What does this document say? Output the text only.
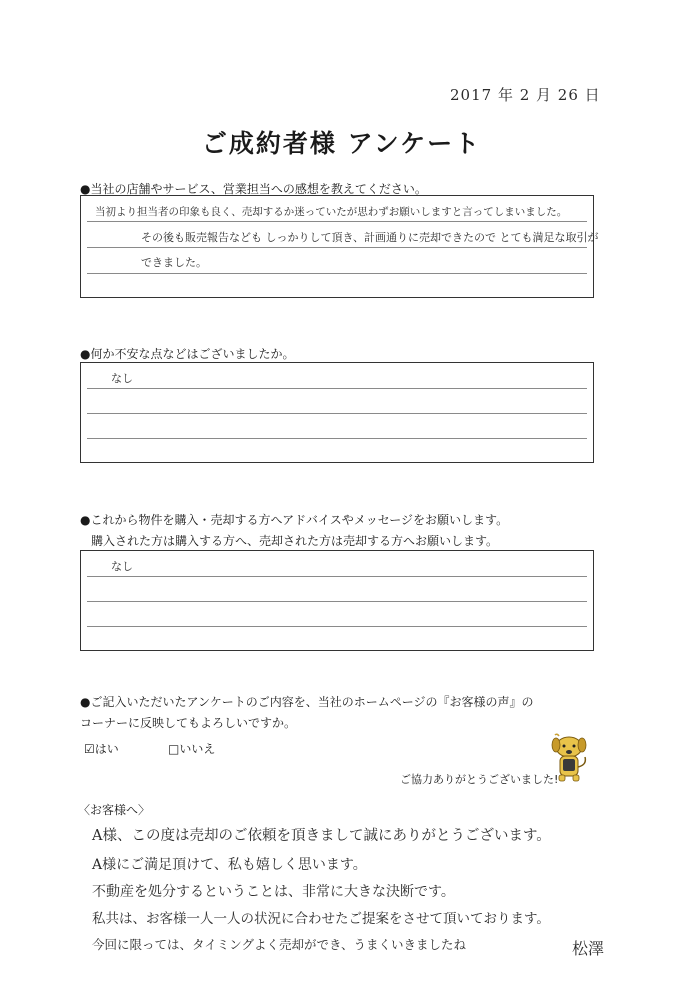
2017 年 2 月 26 日
ご成約者様 アンケート
●当社の店舗やサービス、営業担当への感想を教えてください。
当初より担当者の印象も良く、売却するか迷っていたが思わずお願いしますと言ってしまいました。
その後も販売報告なども しっかりして頂き、計画通りに売却できたので とても満足な取引が
できました。
●何か不安な点などはございましたか。
なし
●これから物件を購入・売却する方へアドバイスやメッセージをお願いします。
購入された方は購入する方へ、売却された方は売却する方へお願いします。
なし
●ご記入いただいたアンケートのご内容を、当社のホームページの『お客様の声』の
コーナーに反映してもよろしいですか。
☑はい	□いいえ
ご協力ありがとうございました!
〈お客様へ〉
A様、この度は売却のご依頼を頂きまして誠にありがとうございます。
A様にご満足頂けて、私も嬉しく思います。
不動産を処分するということは、非常に大きな決断です。
私共は、お客様一人一人の状況に合わせたご提案をさせて頂いております。
今回に限っては、タイミングよく売却ができ、うまくいきましたね	松澤
